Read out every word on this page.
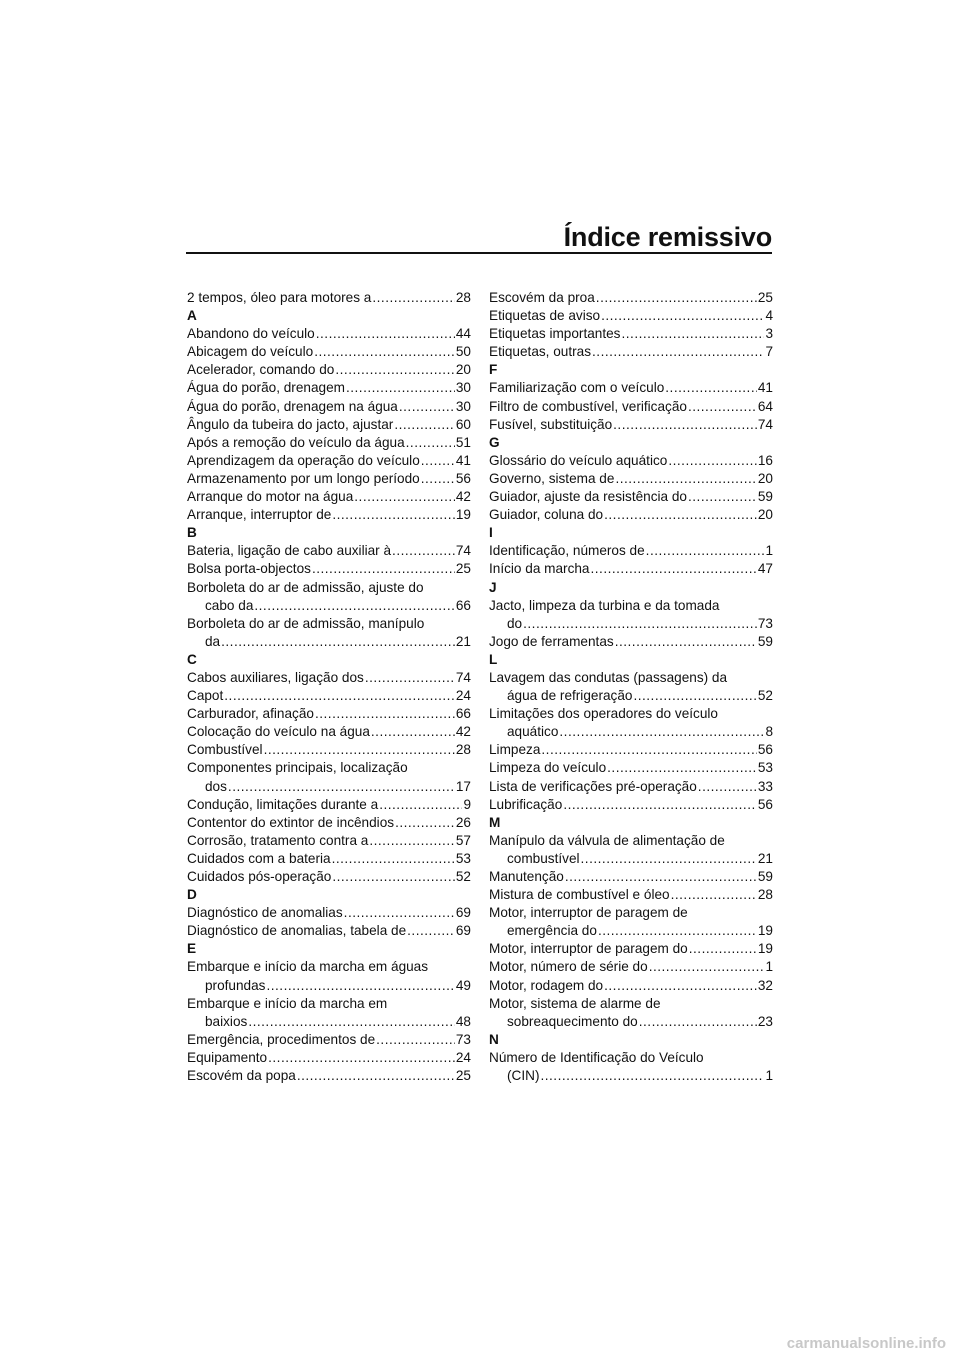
Índice remissivo
2 tempos, óleo para motores a .....	28
A
Abandono do veículo .....	44
Abicagem do veículo .....	50
Acelerador, comando do .....	20
Água do porão, drenagem .....	30
Água do porão, drenagem na água .....	30
Ângulo da tubeira do jacto, ajustar .....	60
Após a remoção do veículo da água .....	51
Aprendizagem da operação do veículo .....	41
Armazenamento por um longo período .....	56
Arranque do motor na água .....	42
Arranque, interruptor de .....	19
B
Bateria, ligação de cabo auxiliar à .....	74
Bolsa porta-objectos .....	25
Borboleta do ar de admissão, ajuste do
cabo da .....	66
Borboleta do ar de admissão, manípulo
da .....	21
C
Cabos auxiliares, ligação dos .....	74
Capot .....	24
Carburador, afinação .....	66
Colocação do veículo na água .....	42
Combustível .....	28
Componentes principais, localização
dos .....	17
Condução, limitações durante a .....	9
Contentor do extintor de incêndios .....	26
Corrosão, tratamento contra a .....	57
Cuidados com a bateria .....	53
Cuidados pós-operação .....	52
D
Diagnóstico de anomalias .....	69
Diagnóstico de anomalias, tabela de .....	69
E
Embarque e início da marcha em águas
profundas .....	49
Embarque e início da marcha em
baixios .....	48
Emergência, procedimentos de .....	73
Equipamento .....	24
Escovém da popa .....	25
Escovém da proa .....	25
Etiquetas de aviso .....	4
Etiquetas importantes .....	3
Etiquetas, outras .....	7
F
Familiarização com o veículo .....	41
Filtro de combustível, verificação .....	64
Fusível, substituição .....	74
G
Glossário do veículo aquático .....	16
Governo, sistema de .....	20
Guiador, ajuste da resistência do .....	59
Guiador, coluna do .....	20
I
Identificação, números de .....	1
Início da marcha .....	47
J
Jacto, limpeza da turbina e da tomada
do .....	73
Jogo de ferramentas .....	59
L
Lavagem das condutas (passagens) da
água de refrigeração .....	52
Limitações dos operadores do veículo
aquático .....	8
Limpeza .....	56
Limpeza do veículo .....	53
Lista de verificações pré-operação .....	33
Lubrificação .....	56
M
Manípulo da válvula de alimentação de
combustível .....	21
Manutenção .....	59
Mistura de combustível e óleo .....	28
Motor, interruptor de paragem de
emergência do .....	19
Motor, interruptor de paragem do .....	19
Motor, número de série do .....	1
Motor, rodagem do .....	32
Motor, sistema de alarme de
sobreaquecimento do .....	23
N
Número de Identificação do Veículo
(CIN) .....	1
carmanualsonline.info
